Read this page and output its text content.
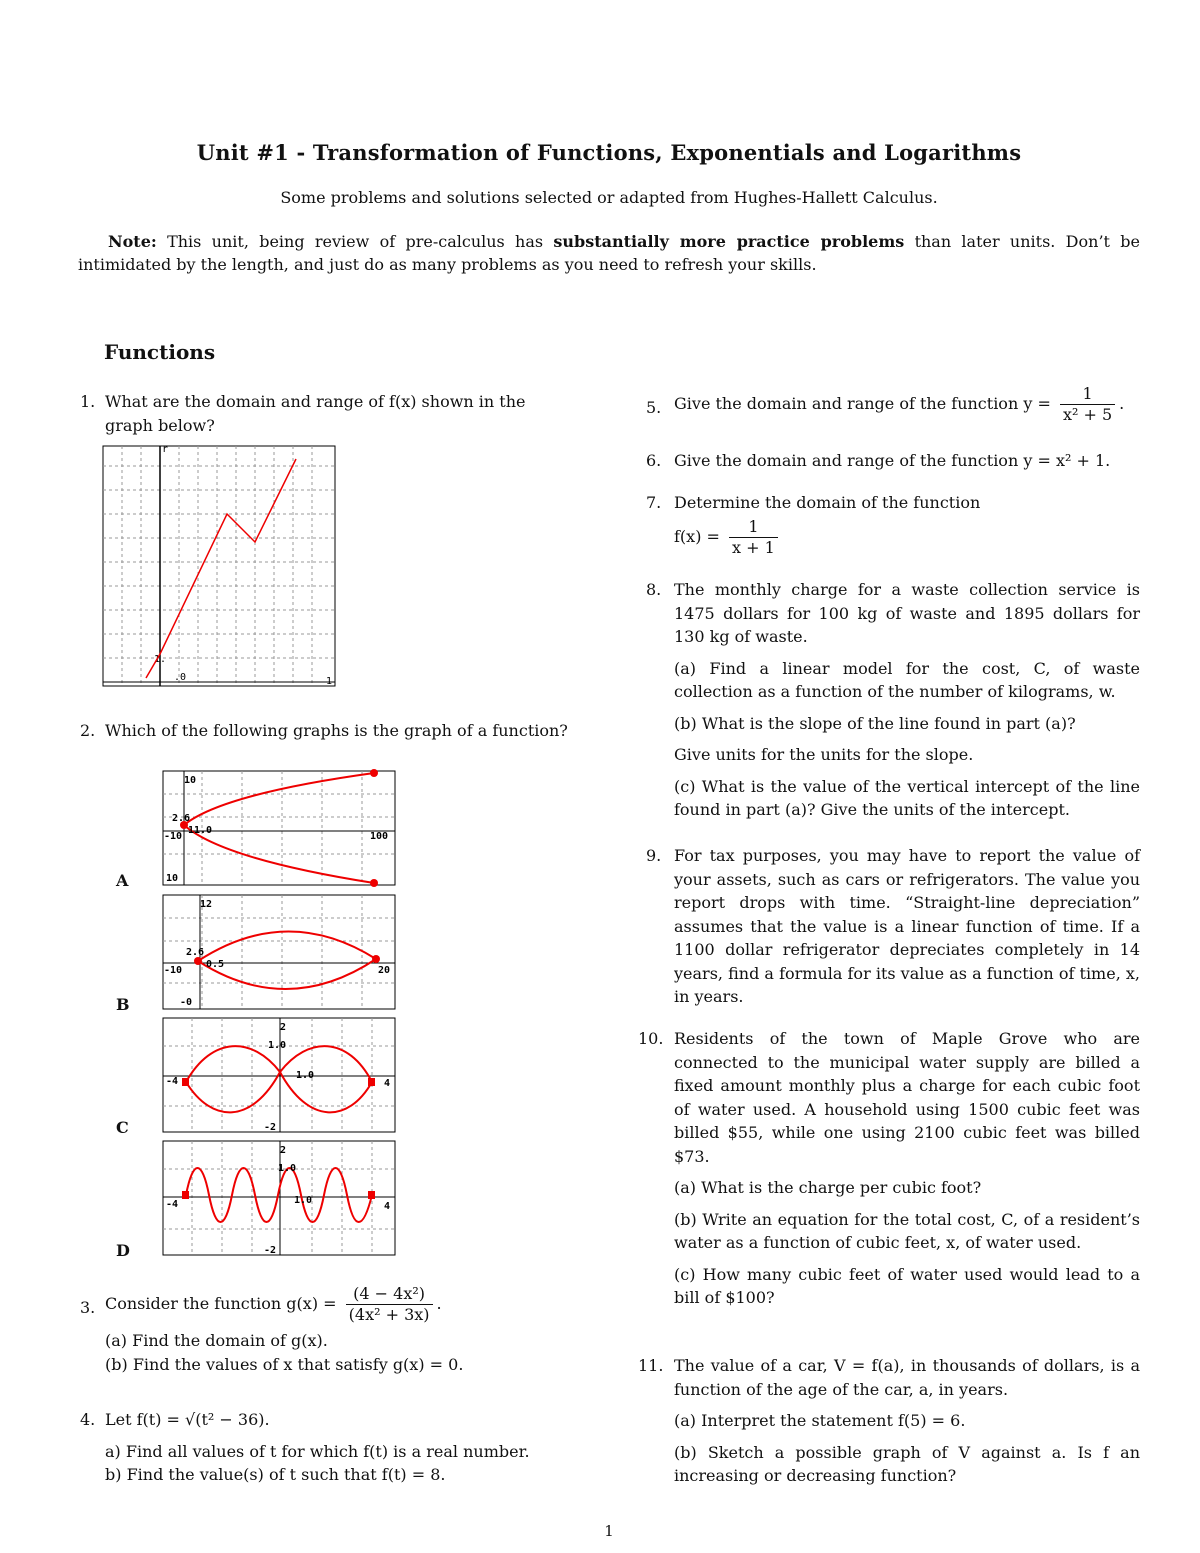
Unit #1 - Transformation of Functions, Exponentials and Logarithms
Some problems and solutions selected or adapted from Hughes-Hallett Calculus.
Note: This unit, being review of pre-calculus has substantially more practice problems than later units. Don’t be intimidated by the length, and just do as many problems as you need to refresh your skills.
Functions
1. What are the domain and range of f(x) shown in the graph below?
r
1.
.0	1
2. Which of the following graphs is the graph of a function?
10
2.6
11.0
-10	100
10
A
12
2.6
0.5
-10	20
-0
B
2
1.0
1.0
-4	4
-2
C
2
1.0
1.0
-4	4
-2
D
3. Consider the function $g(x) = \frac{\text{(4 − 4x²)}}{\text{(4x² + 3x)}}$ .
(a) Find the domain of g(x).
(b) Find the values of x that satisfy g(x) = 0.
4. Let f(t) = √(t² − 36).
a) Find all values of t for which f(t) is a real number.
b) Find the value(s) of t such that f(t) = 8.
5. Give the domain and range of the function $y = \frac{1}{\text{x² + 5}}$ .
6. Give the domain and range of the function y = x² + 1.
7. Determine the domain of the function
$f(x) = \frac{1}{x + 1}$
8. The monthly charge for a waste collection service is 1475 dollars for 100 kg of waste and 1895 dollars for 130 kg of waste.
(a) Find a linear model for the cost, C, of waste collection as a function of the number of kilograms, w.
(b) What is the slope of the line found in part (a)?
Give units for the units for the slope.
(c) What is the value of the vertical intercept of the line found in part (a)? Give the units of the intercept.
9. For tax purposes, you may have to report the value of your assets, such as cars or refrigerators. The value you report drops with time. “Straight-line depreciation” assumes that the value is a linear function of time. If a 1100 dollar refrigerator depreciates completely in 14 years, find a formula for its value as a function of time, x, in years.
10. Residents of the town of Maple Grove who are connected to the municipal water supply are billed a fixed amount monthly plus a charge for each cubic foot of water used. A household using 1500 cubic feet was billed $55, while one using 2100 cubic feet was billed $73.
(a) What is the charge per cubic foot?
(b) Write an equation for the total cost, C, of a resident’s water as a function of cubic feet, x, of water used.
(c) How many cubic feet of water used would lead to a bill of $100?
11. The value of a car, V = f(a), in thousands of dollars, is a function of the age of the car, a, in years.
(a) Interpret the statement f(5) = 6.
(b) Sketch a possible graph of V against a. Is f an increasing or decreasing function?
1
